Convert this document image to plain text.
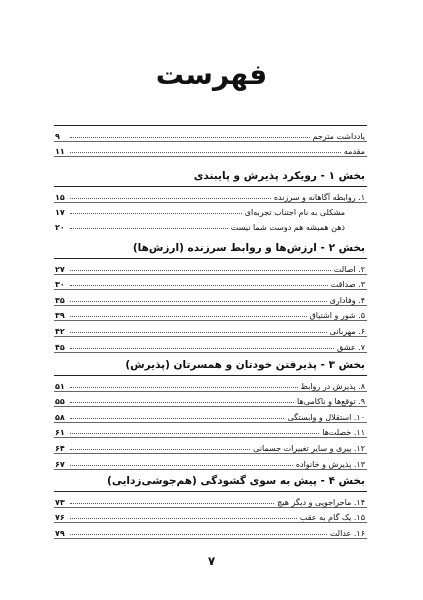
فهرست
یادداشت مترجم
۹
مقدمه
۱۱
بخش ۱ - رویکرد پذیرش و پایبندی
۱. روابطه آگاهانه و سرزنده
۱۵
مشکلی به نام اجتناب تجربه‌ای
۱۷
ذهن همیشه هم دوست شما نیست
۲۰
بخش ۲ - ارزش‌ها و روابط سرزنده (ارزش‌ها)
۲. اصالت
۲۷
۳. صداقت
۳۰
۴. وفاداری
۳۵
۵. شور و اشتیاق
۳۹
۶. مهربانی
۴۲
۷. عشق
۴۵
بخش ۳ - پذیرفتن خودتان و همسرتان (پذیرش)
۸. پذیرش در روابط
۵۱
۹. توقع‌ها و ناکامی‌ها
۵۵
۱۰. استقلال و وابستگی
۵۸
۱۱. خصلت‌ها
۶۱
۱۲. پیری و سایر تغییرات جسمانی
۶۴
۱۳. پذیرش و خانواده
۶۷
بخش ۴ - پیش به سوی گشودگی (هم‌جوشی‌زدایی)
۱۴. ماجراجویی و دیگر هیچ
۷۳
۱۵. یک گام به عقب
۷۶
۱۶. عدالت
۷۹
۷
